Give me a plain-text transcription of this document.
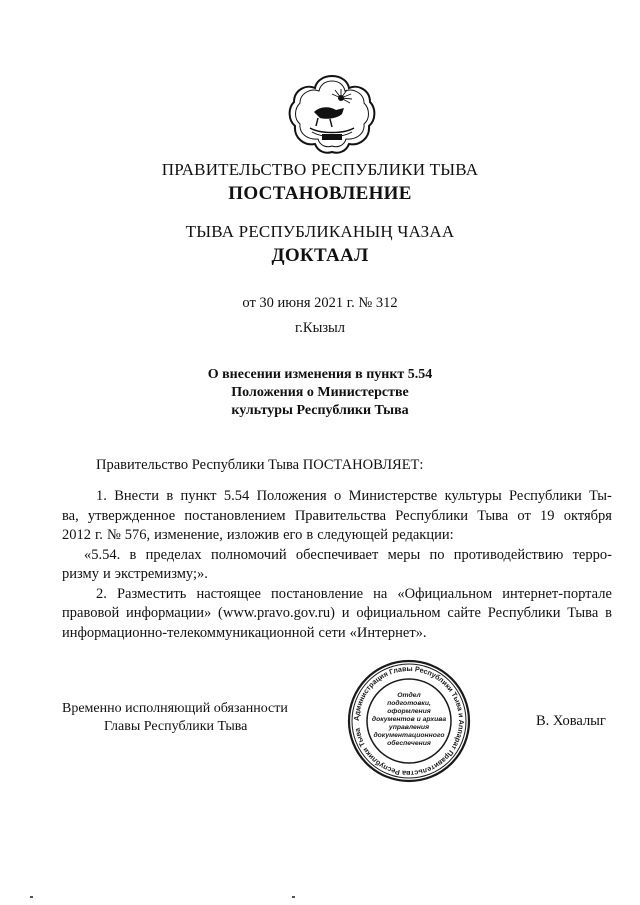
ПРАВИТЕЛЬСТВО РЕСПУБЛИКИ ТЫВА
ПОСТАНОВЛЕНИЕ
ТЫВА РЕСПУБЛИКАНЫҢ ЧАЗАА
ДОКТААЛ
от 30 июня 2021 г. № 312
г.Кызыл
О внесении изменения в пункт 5.54
Положения о Министерстве
культуры Республики Тыва
Правительство Республики Тыва ПОСТАНОВЛЯЕТ:
1. Внести в пункт 5.54 Положения о Министерстве культуры Республики Ты-
ва, утвержденное постановлением Правительства Республики Тыва от 19 октября
2012 г. № 576, изменение, изложив его в следующей редакции:
«5.54. в пределах полномочий обеспечивает меры по противодействию терро-
ризму и экстремизму;».
2. Разместить настоящее постановление на «Официальном интернет-портале
правовой информации» (www.pravo.gov.ru) и официальном сайте Республики Тыва в
информационно-телекоммуникационной сети «Интернет».
Временно исполняющий обязанности
Главы Республики Тыва
Администрация Главы Республики Тыва и Аппарат Правительства Республики Тыва
Отдел
подготовки,
оформления
документов и архива
управления
документационного
обеспечения
В. Ховалыг
